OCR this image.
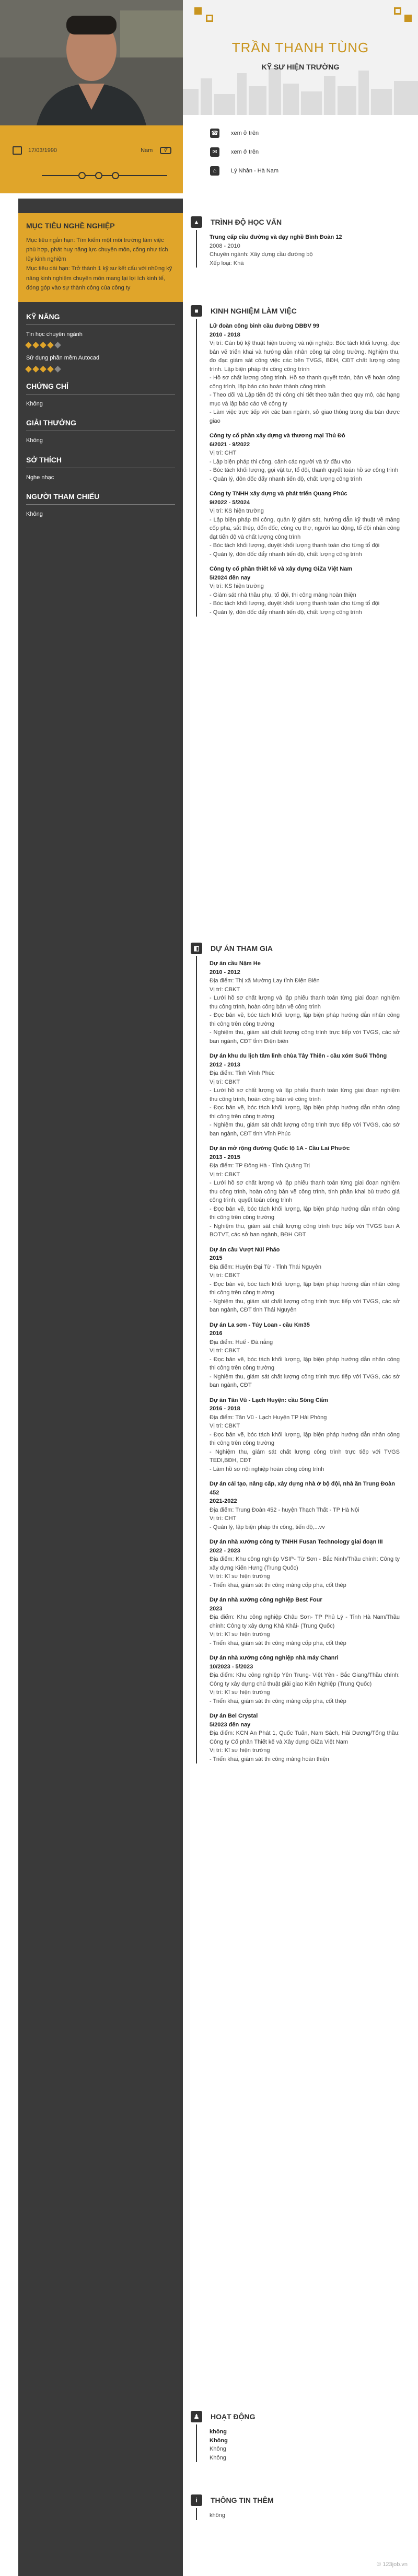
TRẦN THANH TÙNG
KỸ SƯ HIỆN TRƯỜNG
☎ xem ở trên
✉	xem ở trên
⌂	Lý Nhân - Hà Nam
17/03/1990	Nam	⚥
MỤC TIÊU NGHỀ NGHIỆP

Mục tiêu ngắn hạn: Tìm kiếm một môi trường làm việc phù hợp, phát huy năng lực chuyên môn, cống như tích lũy kinh nghiệm
Mục tiêu dài hạn: Trở thành 1 kỹ sư kết cấu với những kỹ năng kinh nghiệm chuyên môn mang lại lợi ích kinh tế, đóng góp vào sự thành công của công ty

KỸ NĂNG
Tin học chuyên ngành
Sử dụng phần mềm Autocad
CHỨNG CHỈ
Không
GIẢI THƯỞNG
Không
SỞ THÍCH
Nghe nhạc
NGƯỜI THAM CHIẾU
Không
▲	TRÌNH ĐỘ HỌC VẤN
Trung cấp cầu đường và dạy nghề Bình Đoàn 12
2008 - 2010
Chuyên ngành: Xây dựng cầu đường bộ
Xếp loại: Khá
■	KINH NGHIỆM LÀM VIỆC
Lữ đoàn công binh cầu đường DBĐV 99
2010 - 2018
Vị trí: Cán bộ kỹ thuật hiện trường và nội nghiệp: Bóc tách khối lượng, đọc bản vẽ triển khai và hướng dẫn nhân công tại công trường. Nghiệm thu, đo đạc giám sát công việc các bên TVGS, BĐH, CĐT chất lượng công trình. Lập biện pháp thi công công trình
- Hồ sơ chất lượng công trình. Hồ sơ thanh quyết toán, bản vẽ hoàn công công trình, lập báo cáo hoàn thành công trình
- Theo dõi và Lập tiến độ thi công chi tiết theo tuần theo quy mô, các hạng mục và lập báo cáo về công ty
- Làm việc trực tiếp với các ban ngành, sở giao thông trong địa bàn được giao
Công ty cổ phần xây dựng và thương mại Thủ Đô
6/2021 - 9/2022
Vị trí: CHT
- Lập biện pháp thi công, cảnh các người và từ đầu vào
- Bóc tách khối lượng, gọi vật tư, tổ đội, thanh quyết toán hồ sơ công trình
- Quản lý, đôn đốc đẩy nhanh tiến độ, chất lượng công trình
Công ty TNHH xây dựng và phát triển Quang Phúc
9/2022 - 5/2024
Vị trí: KS hiện trường
- Lập biện pháp thi công, quản lý giám sát, hướng dẫn kỹ thuật về mảng cốp pha, sắt thép, đổn đốc, công cụ thợ, người lao động, tổ đội nhân công đạt tiến độ và chất lượng công trình
- Bóc tách khối lượng, duyệt khối lượng thanh toán cho từng tổ đội
- Quản lý, đôn đốc đẩy nhanh tiến độ, chất lượng công trình
Công ty cổ phần thiết kế và xây dựng GiZa Việt Nam
5/2024 đến nay
Vị trí: KS hiện trường
- Giám sát nhà thầu phụ, tổ đội, thi công mảng hoàn thiện
- Bóc tách khối lượng, duyệt khối lượng thanh toán cho từng tổ đội
- Quản lý, đôn đốc đẩy nhanh tiến độ, chất lượng công trình
◧	DỰ ÁN THAM GIA
Dự án cầu Nậm He
2010 - 2012
Địa điểm: Thị xã Mường Lay tỉnh Điện Biên
Vị trí: CBKT
- Lưới hồ sơ chất lượng và lập phiếu thanh toán từng giai đoạn nghiệm thu công trình, hoàn công bản vẽ công trình
- Đọc bản vẽ, bóc tách khối lượng, lập biện pháp hướng dẫn nhân công thi công trên công trường
- Nghiệm thu, giám sát chất lượng công trình trực tiếp với TVGS, các sở ban ngành, CĐT tỉnh Điện biên
Dự án khu du lịch tâm linh chùa Tây Thiên - cầu xóm Suối Thông
2012 - 2013
Địa điểm: Tỉnh Vĩnh Phúc
Vị trí: CBKT
- Lưới hồ sơ chất lượng và lập phiếu thanh toán từng giai đoạn nghiệm thu công trình, hoàn công bản vẽ công trình
- Đọc bản vẽ, bóc tách khối lượng, lập biện pháp hướng dẫn nhân công thi công trên công trường
- Nghiệm thu, giám sát chất lượng công trình trực tiếp với TVGS, các sở ban ngành, CĐT tỉnh Vĩnh Phúc
Dự án mở rộng đường Quốc lộ 1A - Cầu Lai Phước
2013 - 2015
Địa điểm: TP Đông Hà - Tỉnh Quảng Trị
Vị trí: CBKT
- Lưới hồ sơ chất lượng và lập phiếu thanh toán từng giai đoạn nghiệm thu công trình, hoàn công bản vẽ công trình, tính phần khai bù trước giá công trình, quyết toán công trình
- Đọc bản vẽ, bóc tách khối lượng, lập biện pháp hướng dẫn nhân công thi công trên công trường
- Nghiệm thu, giám sát chất lượng công trình trực tiếp với TVGS ban A BOTVT, các sở ban ngành, BĐH CĐT
Dự án cầu Vượt Núi Pháo
2015
Địa điểm: Huyện Đại Từ - Tỉnh Thái Nguyên
Vị trí: CBKT
- Đọc bản vẽ, bóc tách khối lượng, lập biện pháp hướng dẫn nhân công thi công trên công trường
- Nghiệm thu, giám sát chất lượng công trình trực tiếp với TVGS, các sở ban ngành, CĐT tỉnh Thái Nguyên
Dự án La sơn - Túy Loan - cầu Km35
2016
Địa điểm: Huế - Đà nẵng
Vị trí: CBKT
- Đọc bản vẽ, bóc tách khối lượng, lập biện pháp hướng dẫn nhân công thi công trên công trường
- Nghiệm thu, giám sát chất lượng công trình trực tiếp với TVGS, các sở ban ngành, CĐT
Dự án Tân Vũ - Lạch Huyện: cầu Sông Cấm
2016 - 2018
Địa điểm: Tân Vũ - Lạch Huyện TP Hải Phòng
Vị trí: CBKT
- Đọc bản vẽ, bóc tách khối lượng, lập biện pháp hướng dẫn nhân công thi công trên công trường
- Nghiệm thu, giám sát chất lượng công trình trực tiếp với TVGS TEDI,BĐH, CĐT
- Làm hồ sơ nội nghiệp hoàn công công trình
Dự án cải tạo, nâng cấp, xây dựng nhà ở bộ đội, nhà ăn Trung Đoàn 452
2021-2022
Địa điểm: Trung Đoàn 452 - huyện Thạch Thất - TP Hà Nội
Vị trí: CHT
- Quản lý, lập biện pháp thi công, tiến độ,...vv
Dự án nhà xưởng công ty TNHH Fusan Technology giai đoạn III
2022 - 2023
Địa điểm: Khu công nghiệp VSIP- Từ Sơn - Bắc Ninh/Thầu chính: Công ty xây dựng Kiến Hưng (Trung Quốc)
Vị trí: Kĩ sư hiện trường
- Triển khai, giám sát thi công mảng cốp pha, cốt thép
Dự án nhà xưởng công nghiệp Best Four
2023
Địa điểm: Khu công nghiệp Châu Sơn- TP Phủ Lý - Tỉnh Hà Nam/Thầu chính: Công ty xây dựng Khả Khải- (Trung Quốc)
Vị trí: Kĩ sư hiện trường
- Triển khai, giám sát thi công mảng cốp pha, cốt thép
Dự án nhà xưởng công nghiệp nhà máy Chanri
10/2023 - 5/2023
Địa điểm: Khu công nghiệp Yên Trung- Việt Yên - Bắc Giang/Thầu chính: Công ty xây dựng chủ thuật giải giao Kiến Nghiệp (Trung Quốc)
Vị trí: Kĩ sư hiện trường
- Triển khai, giám sát thi công mảng cốp pha, cốt thép
Dự án Bel Crystal
5/2023 đến nay
Địa điểm: KCN An Phát 1, Quốc Tuấn, Nam Sách, Hải Dương/Tổng thầu: Công ty Cổ phần Thiết kế và Xây dựng GiZa Việt Nam
Vị trí: Kĩ sư hiện trường
- Triển khai, giám sát thi công mảng hoàn thiện
♟	HOẠT ĐỘNG
không
Không
Không
Không
i	THÔNG TIN THÊM
không
© 123job.vn
